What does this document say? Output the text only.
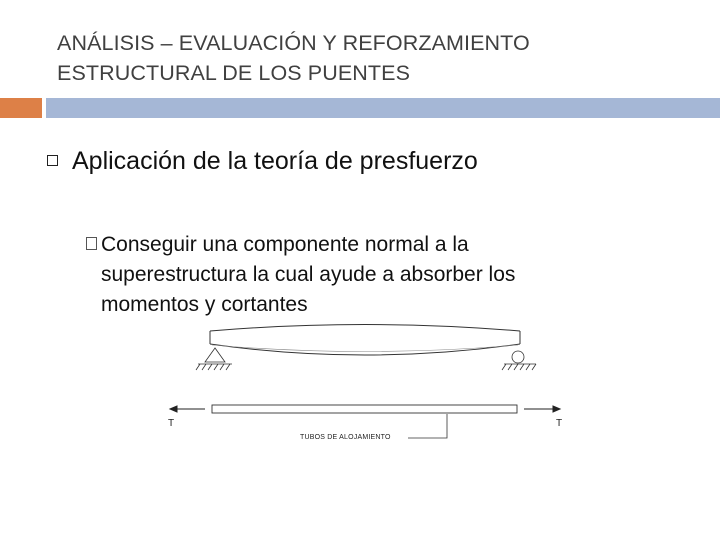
ANÁLISIS – EVALUACIÓN Y REFORZAMIENTO
ESTRUCTURAL DE LOS PUENTES
Aplicación de la teoría de presfuerzo
Conseguir una componente normal a la
superestructura la cual ayude a absorber los
momentos y cortantes
T	T
TUBOS DE ALOJAMIENTO
